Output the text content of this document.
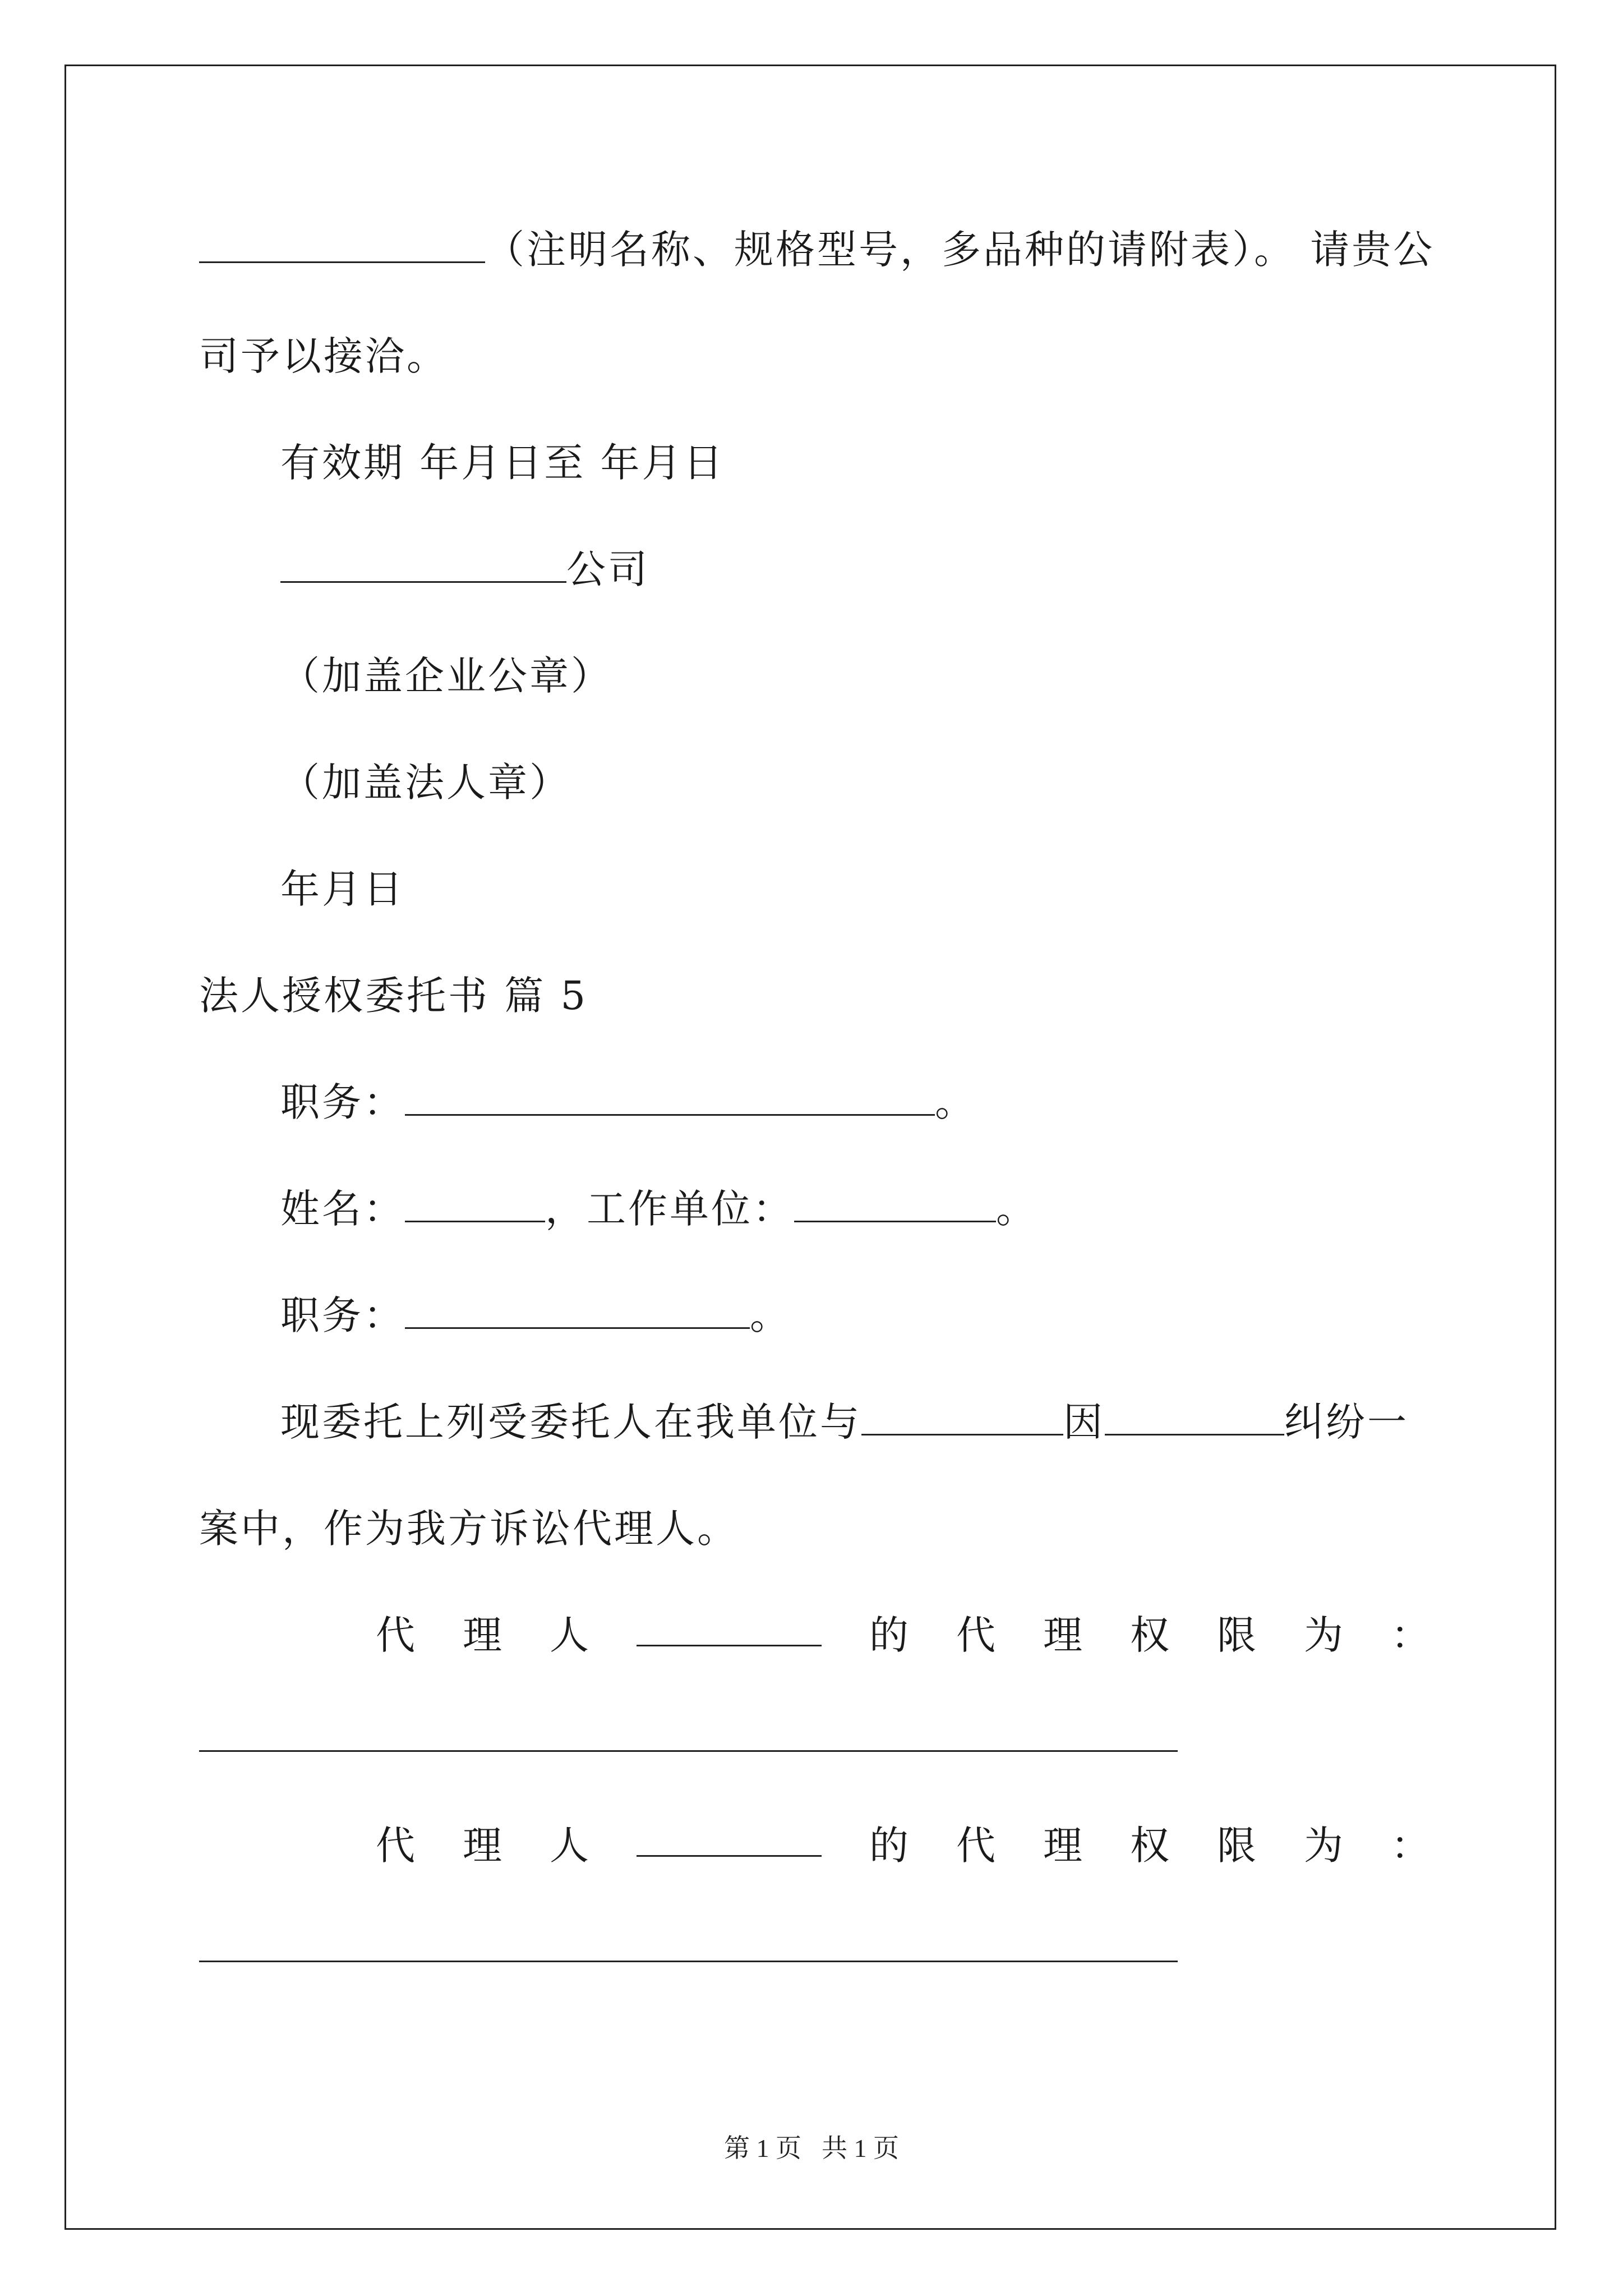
（注明名称、规格型号，多品种的请附表）。 请贵公
司予以接洽。
有效期 年月日至 年月日
公司
（加盖企业公章）
（加盖法人章）
年月日
法人授权委托书 篇 5
职务：	。
姓名：	，工作单位：	。
职务：	。
现委托上列受委托人在我单位与	因	纠纷一
案中，作为我方诉讼代理人。
代 理 人	的 代 理 权 限 为 ：
代 理 人	的 代 理 权 限 为 ：
第 1 页 共 1 页
